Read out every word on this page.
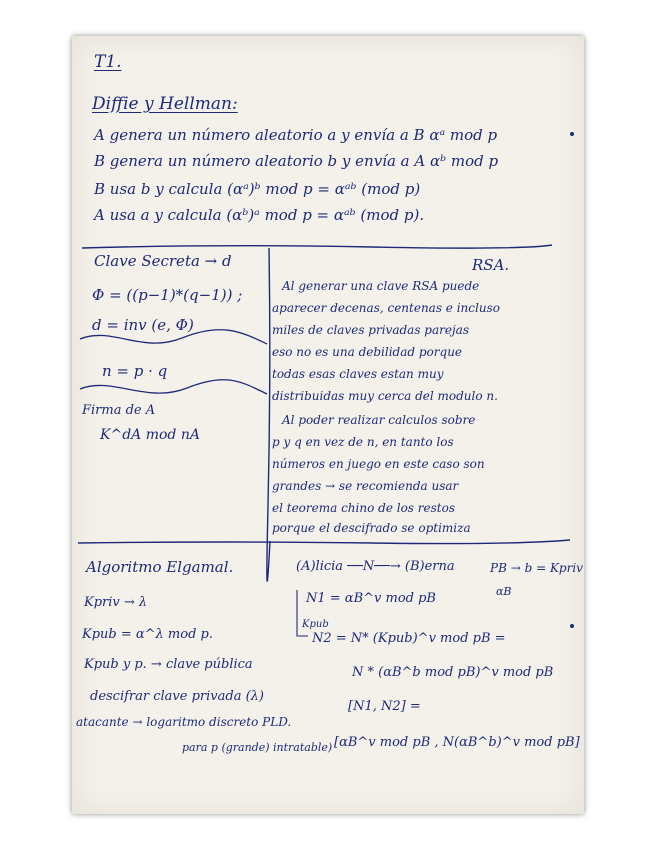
T1.
Diffie y Hellman:
A genera un número aleatorio a y envía a B αᵃ mod p
B genera un número aleatorio b y envía a A αᵇ mod p
B usa b y calcula (αᵃ)ᵇ mod p = αᵃᵇ (mod p)
A usa a y calcula (αᵇ)ᵃ mod p = αᵃᵇ (mod p).
Clave Secreta → d
Φ = ((p−1)*(q−1)) ;
d = inv (e, Φ)
n = p · q
Firma de A
K^dA mod nA
RSA.
Al generar una clave RSA puede
aparecer decenas, centenas e incluso
miles de claves privadas parejas
eso no es una debilidad porque
todas esas claves estan muy
distribuidas muy cerca del modulo n.
Al poder realizar calculos sobre
p y q en vez de n, en tanto los
números en juego en este caso son
grandes → se recomienda usar
el teorema chino de los restos
porque el descifrado se optimiza
Algoritmo Elgamal.
Kpriv → λ
Kpub = α^λ mod p.
Kpub y p. → clave pública
descifrar clave privada (λ)
atacante → logaritmo discreto PLD.
para p (grande) intratable)
(A)licia ──N──→ (B)erna	PB → b = Kpriv
αB
N1 = αB^v mod pB
Kpub
N2 = N* (Kpub)^v mod pB =
N * (αB^b mod pB)^v mod pB
[N1, N2] =
[αB^v mod pB , N(αB^b)^v mod pB]
